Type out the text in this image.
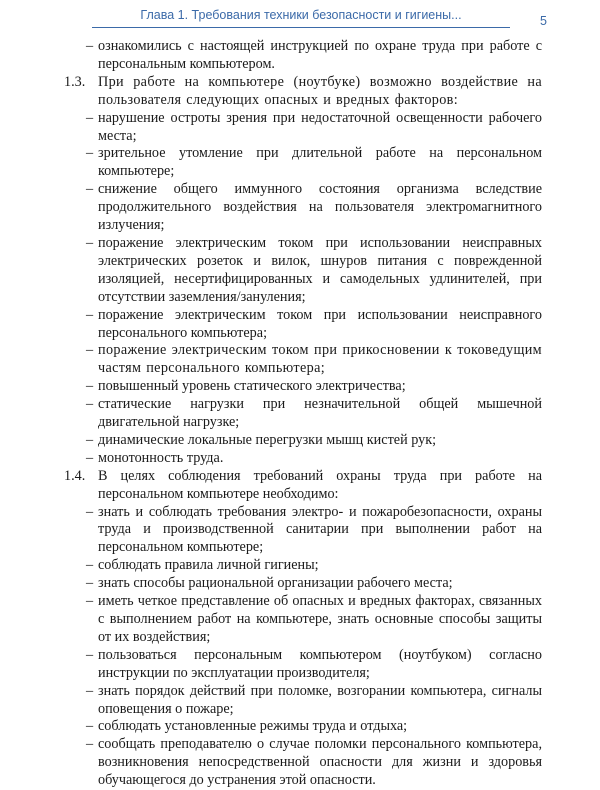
Глава 1. Требования техники безопасности и гигиены...	5

– ознакомились с настоящей инструкцией по охране труда при работе с персональным компьютером.

1.3. При работе на компьютере (ноутбуке) возможно воздействие на пользователя следующих опасных и вредных факторов:

– нарушение остроты зрения при недостаточной освещенности рабочего места;

– зрительное утомление при длительной работе на персональном компьютере;

– снижение общего иммунного состояния организма вследствие продолжительного воздействия на пользователя электромагнитного излучения;

– поражение электрическим током при использовании неисправных электрических розеток и вилок, шнуров питания с поврежденной изоляцией, несертифицированных и самодельных удлинителей, при отсутствии заземления/зануления;

– поражение электрическим током при использовании неисправного персонального компьютера;

– поражение электрическим током при прикосновении к токоведущим частям персонального компьютера;

– повышенный уровень статического электричества;

– статические нагрузки при незначительной общей мышечной двигательной нагрузке;

– динамические локальные перегрузки мышц кистей рук;

– монотонность труда.

1.4. В целях соблюдения требований охраны труда при работе на персональном компьютере необходимо:

– знать и соблюдать требования электро- и пожаробезопасности, охраны труда и производственной санитарии при выполнении работ на персональном компьютере;

– соблюдать правила личной гигиены;

– знать способы рациональной организации рабочего места;

– иметь четкое представление об опасных и вредных факторах, связанных с выполнением работ на компьютере, знать основные способы защиты от их воздействия;

– пользоваться персональным компьютером (ноутбуком) согласно инструкции по эксплуатации производителя;

– знать порядок действий при поломке, возгорании компьютера, сигналы оповещения о пожаре;

– соблюдать установленные режимы труда и отдыха;

– сообщать преподавателю о случае поломки персонального компьютера, возникновения непосредственной опасности для жизни и здоровья обучающегося до устранения этой опасности.
